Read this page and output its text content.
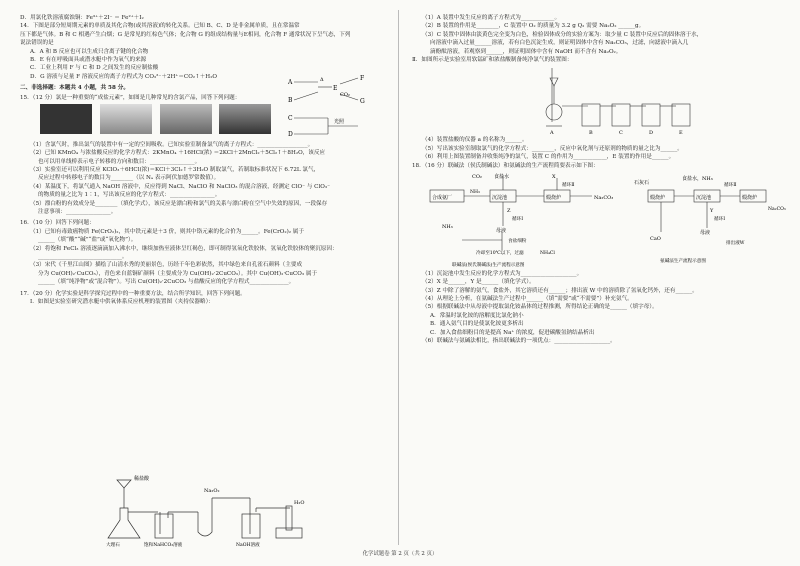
D．用氯化铁溶液腐蚀铜：Fe³⁺＋2I⁻ ＝ Fe²⁺＋I₂
14．下图是部分短周期元素的单质及其化合物(或其溶液)的转化关系。已知 B、C、D 是非金属单质，且在常温常
压下都是气体。B 和 C 相遇产生白烟；G 是常见的红棕色气体；化合物 G 的组成结构量与E相同，化合物 F 通常状况下呈气态，下列
说法错误的是
A．A 和 B 反应也可以生成只含离子键的化合物
B．E 有在呼吸面具或潜水艇中作为氧气的来源
C．工业上利用 F 与 C 和 D 之间发生的反应制盐酸
D．G 溶液与足量 F 溶液反应的离子方程式为 CO₃²⁻＋2H⁺＝CO₂↑＋H₂O
二、非选择题：本题共 4 小题，共 58 分。
15．（12 分）氯是一种重要的“成盐元素”，如图是几种常见的含氯产品，回答下列问题：

（1）含氯气时，推出氯气的装置中有一定的空间吸收。已知实验室制备氯气的离子方程式：__________________。
（2）已知 KMnO₄ 与浓盐酸反应的化学方程式：2KMnO₄ ＋16HCl(浓) ＝2KCl＋2MnCl₂＋5Cl₂↑＋8H₂O，该反应
也可以用单线桥表示电子转移的方向和数目：________________。
（3）实验室还可以利用反应 KClO₃＋6HCl(浓)＝KCl＋3Cl₂↑＋3H₂O 制取氯气，若制取标准状况下 6.72L 氯气，
反应过程中转移电子的数目为________（以 Nₐ 表示阿伏加德罗常数值）。
（4）某温度下，将氯气通入 NaOH 溶液中，反应得到 NaCl、NaClO 和 NaClO₃ 的混合溶液，经测定 ClO⁻ 与 ClO₃⁻
的物质的量之比为 1∶1，写出该反应的化学方程式：________________。
（5）漂白粉的有效成分是________（填化学式），该反应是漂白粉和氯气的关系与漂白粉在空气中失效的原因，一段保存
注意事项：________________。
16．（10 分）回答下列问题：
（1）已知有毒致癌物质 Fe(CrO₂)₂，其中铁元素是＋3 价，则其中铬元素的化合价为______。Fe(CrO₂)₂ 属于
______（填“酸”“碱”“盐”或“氧化物”）。
（2）将饱和 FeCl₃ 溶液逐滴滴加入沸水中，继续加热至液体呈红褐色，即可制得氢氧化铁胶体，氢氧化铁胶体的聚沉原因：
______________________________。
（3）宋代《千里江山图》描绘了山清水秀的美丽景色，历经千年色彩依然，其中绿色来自孔雀石颜料（主要成
分为 Cu(OH)₂·CuCO₃），青色来自蓝铜矿颜料（主要成分为 Cu(OH)₂·2CuCO₃）。其中 Cu(OH)₂·CuCO₃ 属于
______（填“纯净物”或“混合物”）。写出 Cu(OH)₂·2CuCO₃ 与盐酸反应的化学方程式______________。
17．（20 分）化学实验是科学探究过程中的一种重要方法，结合所学知识，回答下列问题。
Ⅰ．如图是实验室研究潜水艇中供氧体系反应机理的装置图（夹持仪器略）：
稀盐酸
Na₂O₂
H₂O
大理石	饱和NaHCO₃溶液	NaOH溶液
A
B
E
F
G
C
D
CO₂
Δ
光照
（1）A 装置中发生反应的离子方程式为____________。
（2）B 装置的作用是________，C 装置中 O₂ 的质量为 3.2 g Q₂ 需要 Na₂O₂ ______g。
（3）C 装置中固体由淡黄色完全变为白色，检验固体成分的实验方案为：取少量 C 装置中反应后的固体溶于水，
向溶液中滴入过量______溶液，若有白色沉淀生成，则证明固体中含有 Na₂CO₃，过滤，向滤液中滴入几
滴酚酞溶液，若观察到______，则证明固体中含有 NaOH 而不含有 Na₂O₂。
Ⅱ．如图所示是实验室用软锰矿和浓盐酸制备纯净氯气的装置图：
A	B	C	D	E
（4）装置盐酸的仪器 a 的名称为______。
（5）写出该实验室制取氯气的化学方程式：________，反应中氧化剂与还原剂的物质的量之比为______。
（6）利用上图装置制备并收集纯净的氯气，装置 C 的作用为____________，E 装置的作用是______。
18．（16 分）联碱法（侯氏制碱法）和氨碱法的生产流程简要表示如下图：
CO₂ 食盐水	X
合成氨厂
NH₃
沉淀池	煅烧炉
循环Ⅱ
Na₂CO₃
Z
循环Ⅰ
母液
NH₃
食盐细粉
冷却至10℃以下，过滤	NH₄Cl
联碱法(侯氏制碱法)生产流程示意图
石灰石
食盐水，NH₃
煅烧炉	沉淀池	煅烧炉
循环Ⅱ
Y
循环Ⅰ
Na₂CO₃
CaO
母液
排出液W
氨碱法生产流程示意图
（1）沉淀池中发生反应的化学方程式为____________________。
（2）X 是______，Y 是______（填化学式）。
（3）Z 中除了溶解的氨气，食盐外，其它溶质还有______；排出液 W 中的溶质除了氢氧化钙外，还有______。
（4）从理论上分析，在氨碱法生产过程中______（填“需要”或“不需要”）补充氨气。
（5）根据联碱法中从母液中提取氯化铵晶体的过程推测，所得结论正确的是______（填字母）。
A．常温时氯化铵的溶解度比氯化钠小
B．通入氨气目的是使氯化铵更多析出
C．加入食盐细粉目的是提高 Na⁺ 的浓度，促进碳酸氢钠结晶析出
（6）联碱法与氨碱法相比，指出联碱法的一项优点：____________________。
化学试题卷 第 2 页（共 2 页）
